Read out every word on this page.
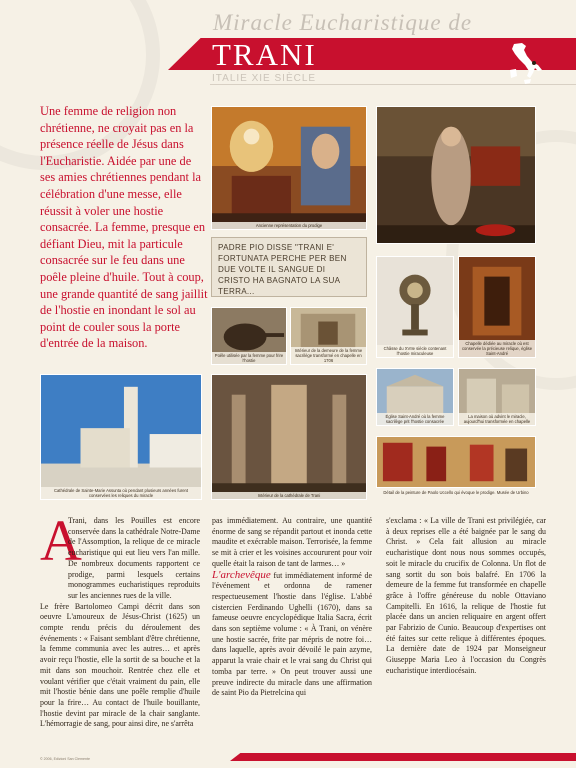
Miracle Eucharistique de
TRANI
ITALIE XIE SIÈCLE
Une femme de religion non chrétienne, ne croyait pas en la présence réelle de Jésus dans l'Eucharistie. Aidée par une de ses amies chrétiennes pendant la célébration d'une messe, elle réussit à voler une hostie consacrée. La femme, presque en défiant Dieu, mit la particule consacrée sur le feu dans une poêle pleine d'huile. Tout à coup, une grande quantité de sang jaillit de l'hostie en inondant le sol au point de couler sous la porte d'entrée de la maison.
Ancienne représentation du prodige
PADRE PIO DISSE "TRANI E' FORTUNATA PERCHE PER BEN DUE VOLTE IL SANGUE DI CRISTO HA BAGNATO LA SUA TERRA...
Poêle utilisée par la femme pour frire l'hostie
Intérieur de la demeure de la femme sacrilège transformé en chapelle en 1706
Châsse du XVIIe siècle contenant l'hostie miraculeuse
Chapelle dédiée au miracle où est conservée la précieuse relique, église Saint-André
Cathédrale de Sainte-Marie Assunta où pendant plusieurs années furent conservées les reliques du miracle	Intérieur de la cathédrale de Trani
Église Saint-André où la femme sacrilège prit l'hostie consacrée
La maison où advint le miracle, aujourd'hui transformée en chapelle
Détail de la peinture de Paolo Uccello qui évoque le prodige. Musée de Urbino
A

Trani, dans les Pouilles est encore conservée dans la cathédrale Notre-Dame de l'Assomption, la relique de ce miracle eucharistique qui eut lieu vers l'an mille. De nombreux documents rapportent ce prodige, parmi lesquels certains monogrammes eucharistiques reproduits sur les anciennes rues de la ville.

Le frère Bartolomeo Campi décrit dans son oeuvre L'amoureux de Jésus-Christ (1625) un compte rendu précis du déroulement des événements : « Faisant semblant d'être chrétienne, la femme communia avec les autres… et après avoir reçu l'hostie, elle la sortit de sa bouche et la mit dans son mouchoir. Rentrée chez elle et voulant vérifier que c'était vraiment du pain, elle mit l'hostie bénie dans une poêle remplie d'huile pour la frire… Au contact de l'huile bouillante, l'hostie devint par miracle de la chair sanglante. L'hémorragie de sang, pour ainsi dire, ne s'arrêta

pas immédiatement. Au contraire, une quantité énorme de sang se répandit partout et inonda cette maudite et exécrable maison. Terrorisée, la femme se mit à crier et les voisines accoururent pour voir quelle était la raison de tant de larmes… »

L'archevêque fut immédiatement informé de l'événement et ordonna de ramener respectueusement l'hostie dans l'église. L'abbé cistercien Ferdinando Ughelli (1670), dans sa fameuse oeuvre encyclopédique Italia Sacra, écrit dans son septième volume : « À Trani, on vénère une hostie sacrée, frite par mépris de notre foi… dans laquelle, après avoir dévoilé le pain azyme, apparut la vraie chair et le vrai sang du Christ qui tomba par terre. » On peut trouver aussi une preuve indirecte du miracle dans une affirmation de saint Pio da Pietrelcina qui

s'exclama : « La ville de Trani est privilégiée, car à deux reprises elle a été baignée par le sang du Christ. » Cela fait allusion au miracle eucharistique dont nous nous sommes occupés, soit le miracle du crucifix de Colonna. Un flot de sang sortit du son bois balafré. En 1706 la demeure de la femme fut transformée en chapelle grâce à l'offre généreuse du noble Ottaviano Campitelli. En 1616, la relique de l'hostie fut placée dans un ancien reliquaire en argent offert par Fabrizio de Cunio. Beaucoup d'expertises ont été faites sur cette relique à différentes époques. La dernière date de 1924 par Monseigneur Giuseppe Maria Leo à l'occasion du Congrès eucharistique interdiocésain.

© 2006, Edizioni San Clemente
